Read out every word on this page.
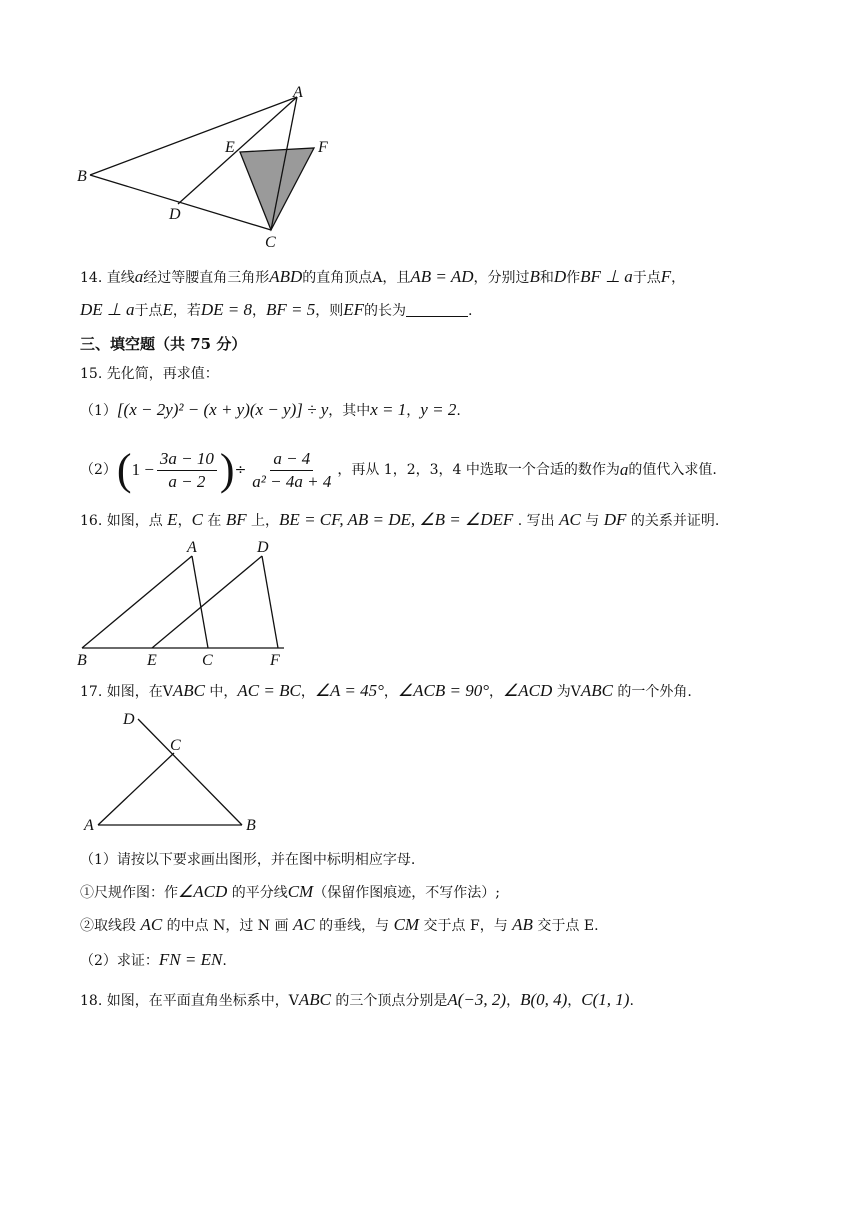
A
B
C
D
E	F
14. 直线a经过等腰直角三角形ABD的直角顶点A，且AB = AD，分别过B和D作BF ⊥ a于点F，
DE ⊥ a于点E，若DE = 8，BF = 5，则EF的长为	.
三、填空题（共 75 分）
15. 先化简，再求值：
（1）[(x − 2y)² − (x + y)(x − y)] ÷ y，其中x = 1，y = 2.
（2） ( $1 - \frac{3a - 10}{a - 2}$ ) ÷ $\frac{a - 4}{\text{a² − 4a + 4}}$ ，再从 1，2，3，4 中选取一个合适的数作为 a 的值代入求值.
16. 如图，点 E，C 在 BF 上，BE = CF, AB = DE, ∠B = ∠DEF . 写出 AC 与 DF 的关系并证明.
A	D
B	E	C	F
17. 如图，在VABC 中，AC = BC，∠A = 45°，∠ACB = 90°，∠ACD 为VABC 的一个外角.
D
C
A	B
（1）请按以下要求画出图形，并在图中标明相应字母.
①尺规作图：作∠ACD 的平分线CM（保留作图痕迹，不写作法）;
②取线段 AC 的中点 N，过 N 画 AC 的垂线，与 CM 交于点 F，与 AB 交于点 E.
（2）求证：FN = EN.
18. 如图，在平面直角坐标系中，VABC 的三个顶点分别是A(−3, 2)，B(0, 4)，C(1, 1).
